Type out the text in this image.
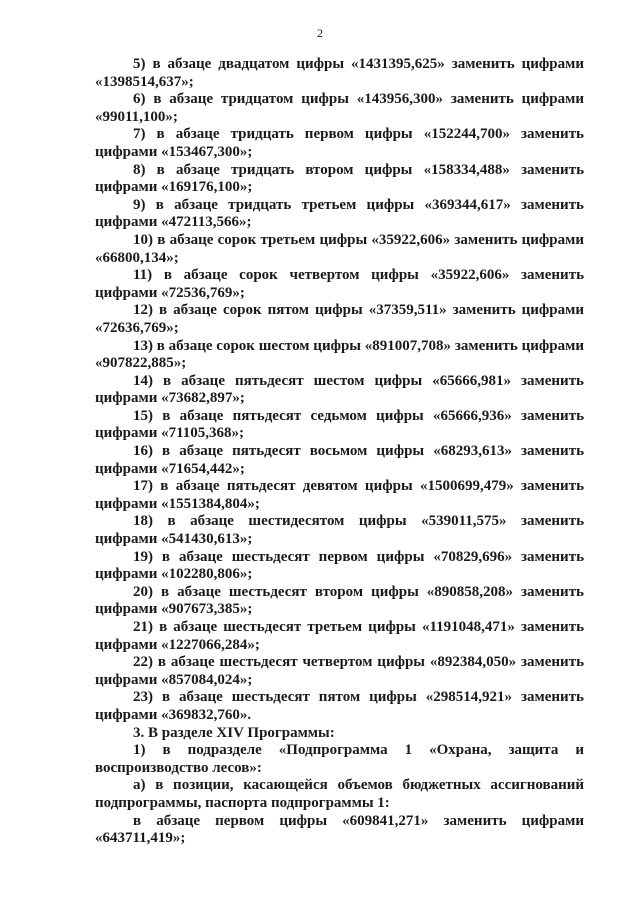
2

5) в абзаце двадцатом цифры «1431395,625» заменить цифрами «1398514,637»;

6) в абзаце тридцатом цифры «143956,300» заменить цифрами «99011,100»;

7) в абзаце тридцать первом цифры «152244,700» заменить цифрами «153467,300»;

8) в абзаце тридцать втором цифры «158334,488» заменить цифрами «169176,100»;

9) в абзаце тридцать третьем цифры «369344,617» заменить цифрами «472113,566»;

10) в абзаце сорок третьем цифры «35922,606» заменить цифрами «66800,134»;

11) в абзаце сорок четвертом цифры «35922,606» заменить цифрами «72536,769»;

12) в абзаце сорок пятом цифры «37359,511» заменить цифрами «72636,769»;

13) в абзаце сорок шестом цифры «891007,708» заменить цифрами «907822,885»;

14) в абзаце пятьдесят шестом цифры «65666,981» заменить цифрами «73682,897»;

15) в абзаце пятьдесят седьмом цифры «65666,936» заменить цифрами «71105,368»;

16) в абзаце пятьдесят восьмом цифры «68293,613» заменить цифрами «71654,442»;

17) в абзаце пятьдесят девятом цифры «1500699,479» заменить цифрами «1551384,804»;

18) в абзаце шестидесятом цифры «539011,575» заменить цифрами «541430,613»;

19) в абзаце шестьдесят первом цифры «70829,696» заменить цифрами «102280,806»;

20) в абзаце шестьдесят втором цифры «890858,208» заменить цифрами «907673,385»;

21) в абзаце шестьдесят третьем цифры «1191048,471» заменить цифрами «1227066,284»;

22) в абзаце шестьдесят четвертом цифры «892384,050» заменить цифрами «857084,024»;

23) в абзаце шестьдесят пятом цифры «298514,921» заменить цифрами «369832,760».

3. В разделе XIV Программы:

1) в подразделе «Подпрограмма 1 «Охрана, защита и воспроизводство лесов»:

а) в позиции, касающейся объемов бюджетных ассигнований подпрограммы, паспорта подпрограммы 1:

в абзаце первом цифры «609841,271» заменить цифрами «643711,419»;
